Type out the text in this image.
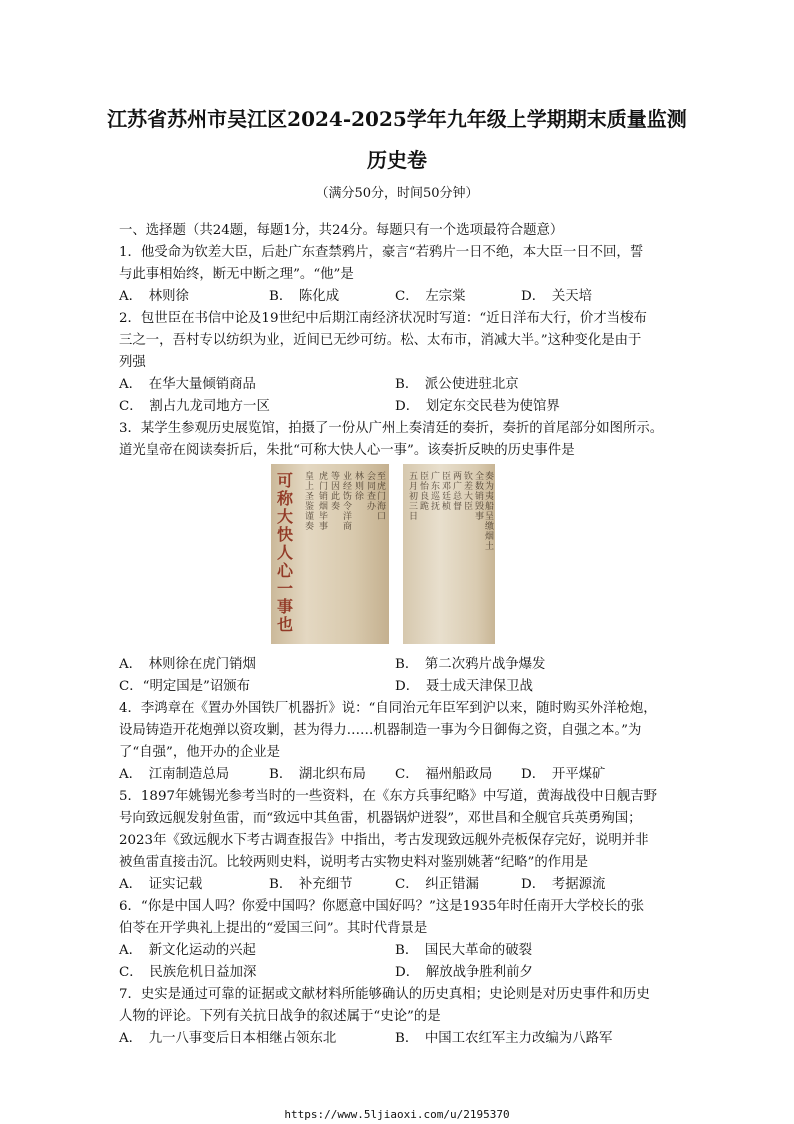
江苏省苏州市吴江区2024-2025学年九年级上学期期末质量监测
历史卷
（满分50分，时间50分钟）
一、选择题（共24题，每题1分，共24分。每题只有一个选项最符合题意）
1．他受命为钦差大臣，后赴广东查禁鸦片，豪言“若鸦片一日不绝，本大臣一日不回，誓
与此事相始终，断无中断之理”。“他”是
A．　林则徐	B．　陈化成	C．　左宗棠	D．　关天培
2．包世臣在书信中论及19世纪中后期江南经济状况时写道：“近日洋布大行，价才当梭布
三之一，吾村专以纺织为业，近间已无纱可纺。松、太布市，消减大半。”这种变化是由于
列强
A．　在华大量倾销商品	B．　派公使进驻北京
C．　割占九龙司地方一区	D．　划定东交民巷为使馆界
3．某学生参观历史展览馆，拍摄了一份从广州上奏清廷的奏折，奏折的首尾部分如图所示。
道光皇帝在阅读奏折后，朱批“可称大快人心一事”。该奏折反映的历史事件是
可称大快人心一事也
皇上圣鉴谨奏
虎门销烟毕事
等因此奏
业经饬令洋商
林则徐
会同查办
至虎门海口
五月初三日
臣怡良跪
广东巡抚
臣邓廷桢
两广总督
钦差大臣
全数销毁事
奏为夷船呈缴烟土
A．　林则徐在虎门销烟	B．　第二次鸦片战争爆发
C．“明定国是”诏颁布	D．　聂士成天津保卫战
4．李鸿章在《置办外国铁厂机器折》说：“自同治元年臣军到沪以来，随时购买外洋枪炮，
设局铸造开花炮弹以资攻剿，甚为得力……机器制造一事为今日御侮之资，自强之本。”为
了“自强”，他开办的企业是
A．　江南制造总局	B．　湖北织布局 C．　福州船政局 D．　开平煤矿
5．1897年姚锡光参考当时的一些资料，在《东方兵事纪略》中写道，黄海战役中日舰吉野
号向致远舰发射鱼雷，而“致远中其鱼雷，机器锅炉迸裂”，邓世昌和全舰官兵英勇殉国；
2023年《致远舰水下考古调查报告》中指出，考古发现致远舰外壳板保存完好，说明并非
被鱼雷直接击沉。比较两则史料，说明考古实物史料对鉴别姚著“纪略”的作用是
A．　证实记载	B．　补充细节	C．　纠正错漏	D．　考据源流
6．“你是中国人吗？你爱中国吗？你愿意中国好吗？”这是1935年时任南开大学校长的张
伯苓在开学典礼上提出的“爱国三问”。其时代背景是
A．　新文化运动的兴起	B．　国民大革命的破裂
C．　民族危机日益加深	D．　解放战争胜利前夕
7．史实是通过可靠的证据或文献材料所能够确认的历史真相；史论则是对历史事件和历史
人物的评论。下列有关抗日战争的叙述属于“史论”的是
A．　九一八事变后日本相继占领东北	B．　中国工农红军主力改编为八路军
https://www.5ljiaoxi.com/u/2195370
